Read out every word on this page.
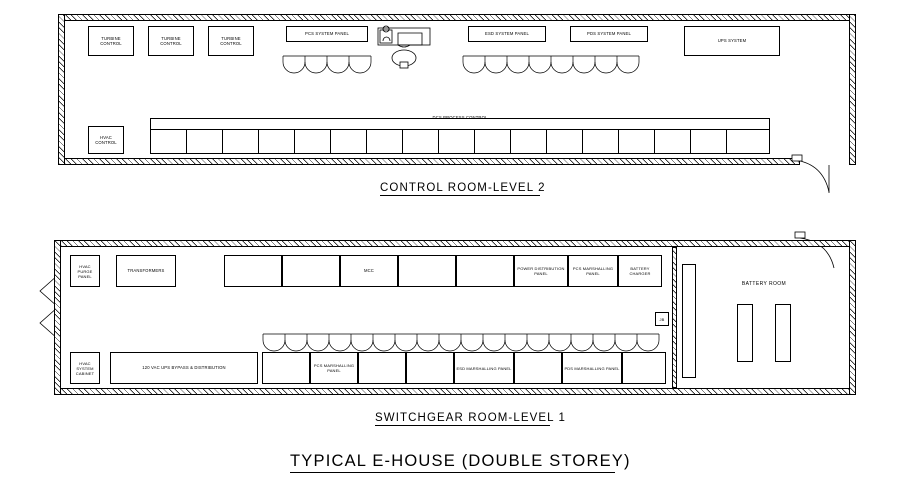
TURBINE CONTROL
TURBINE CONTROL
TURBINE CONTROL
PCS SYSTEM PANEL	ESD SYSTEM PANEL	PDS SYSTEM PANEL
UPS SYSTEM
HVAC CONTROL
DCS PROCESS CONTROL
CONTROL ROOM-LEVEL 2
HVAC PURGE PANEL
HVAC SYSTEM CABINET
TRANSFORMERS	MCC	POWER DISTRIBUTION PANEL
PCS MARSHALLING PANEL
BATTERY CHARGER
JB
120 VAC UPS BYPASS & DISTRIBUTION	PCS MARSHALLING PANEL	ESD MARSHALLING PANEL	PDS MARSHALLING PANEL
BATTERY ROOM
SWITCHGEAR ROOM-LEVEL 1
TYPICAL E-HOUSE (DOUBLE STOREY)
